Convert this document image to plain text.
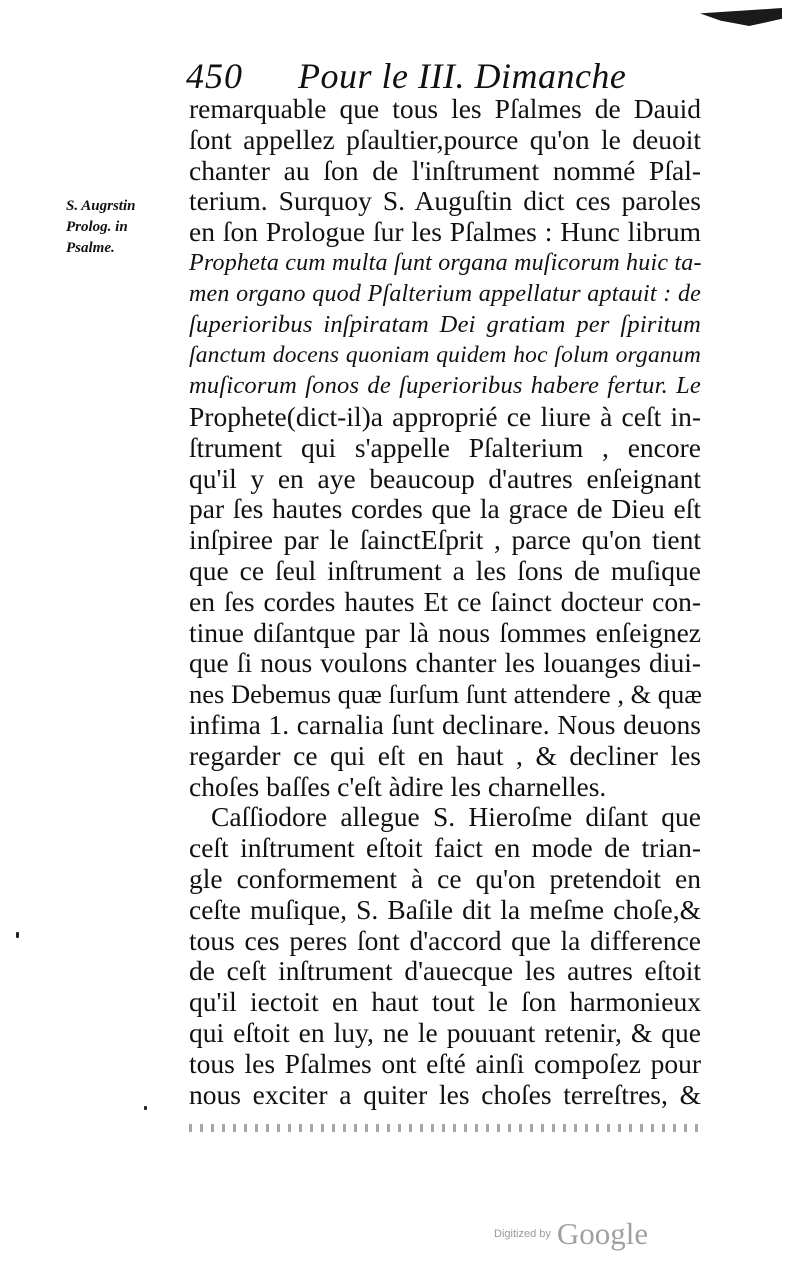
450 Pour le III. Dimanche
S. Augrstin
Prolog. in
Psalme.
remarquable que tous les Pſalmes de Dauid
ſont appellez pſaultier,pource qu'on le deuoit
chanter au ſon de l'inſtrument nommé Pſal-
terium. Surquoy S. Auguſtin dict ces paroles
en ſon Prologue ſur les Pſalmes : Hunc librum
Propheta cum multa ſunt organa muſicorum huic ta-
men organo quod Pſalterium appellatur aptauit : de
ſuperioribus inſpiratam Dei gratiam per ſpiritum
ſanctum docens quoniam quidem hoc ſolum organum
muſicorum ſonos de ſuperioribus habere fertur. Le
Prophete(dict-il)a approprié ce liure à ceſt in-
ſtrument qui s'appelle Pſalterium , encore
qu'il y en aye beaucoup d'autres enſeignant
par ſes hautes cordes que la grace de Dieu eſt
inſpiree par le ſainctEſprit , parce qu'on tient
que ce ſeul inſtrument a les ſons de muſique
en ſes cordes hautes Et ce ſainct docteur con-
tinue diſantque par là nous ſommes enſeignez
que ſi nous voulons chanter les louanges diui-
nes Debemus quæ ſurſum ſunt attendere , & quæ
infima 1. carnalia ſunt declinare. Nous deuons
regarder ce qui eſt en haut , & decliner les
choſes baſſes c'eſt àdire les charnelles.
Caſſiodore allegue S. Hieroſme diſant que
ceſt inſtrument eſtoit faict en mode de trian-
gle conformement à ce qu'on pretendoit en
ceſte muſique, S. Baſile dit la meſme choſe,&
tous ces peres ſont d'accord que la difference
de ceſt inſtrument d'auecque les autres eſtoit
qu'il iectoit en haut tout le ſon harmonieux
qui eſtoit en luy, ne le pouuant retenir, & que
tous les Pſalmes ont eſté ainſi compoſez pour
nous exciter a quiter les choſes terreſtres, &
Digitized by Google
